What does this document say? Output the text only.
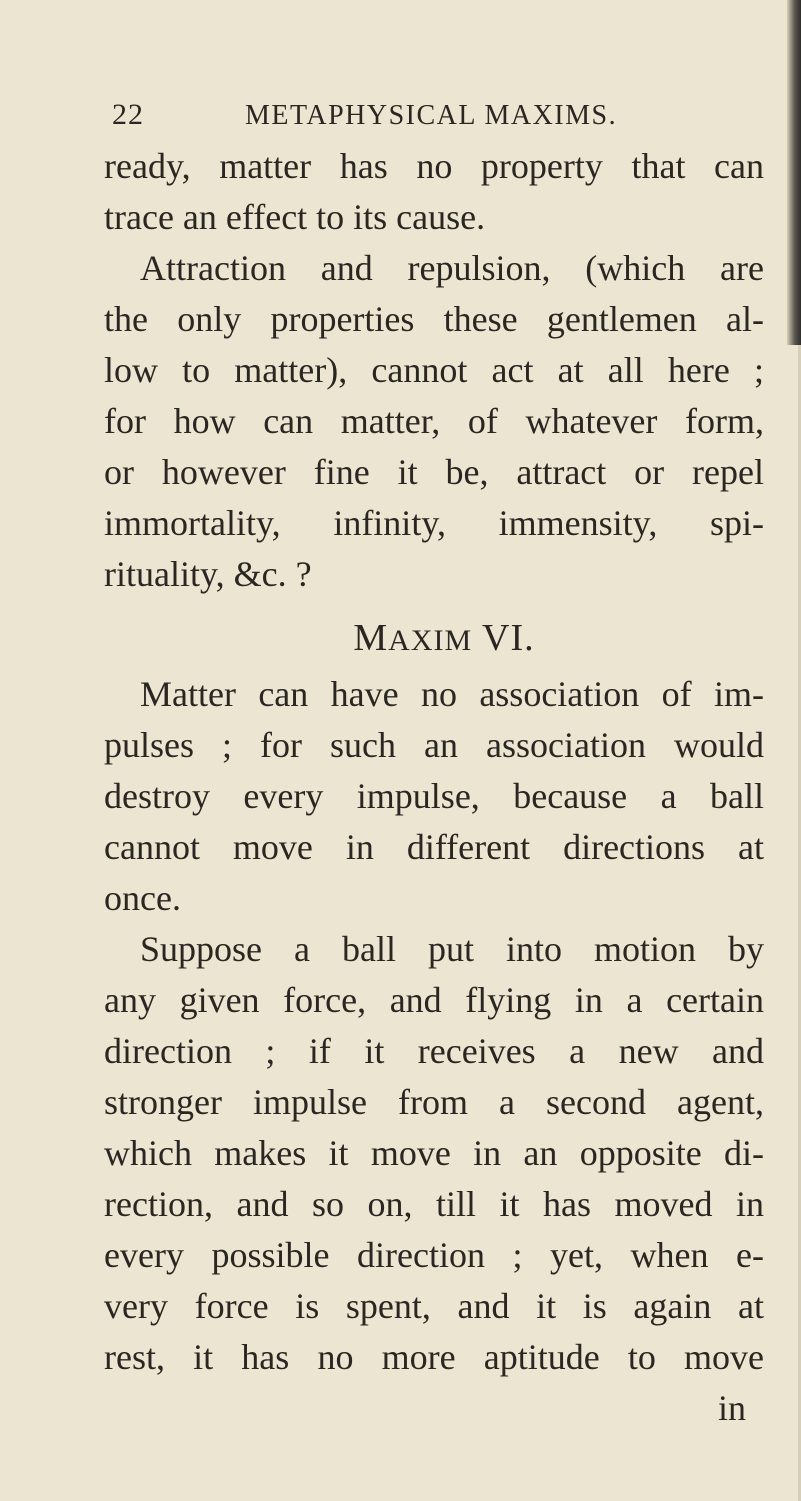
22	METAPHYSICAL MAXIMS.
ready, matter has no property that can
trace an effect to its cause.
Attraction and repulsion, (which are
the only properties these gentlemen al-
low to matter), cannot act at all here ;
for how can matter, of whatever form,
or however fine it be, attract or repel
immortality, infinity, immensity, spi-
rituality, &c. ?
MAXIM VI.
Matter can have no association of im-
pulses ; for such an association would
destroy every impulse, because a ball
cannot move in different directions at
once.
Suppose a ball put into motion by
any given force, and flying in a certain
direction ; if it receives a new and
stronger impulse from a second agent,
which makes it move in an opposite di-
rection, and so on, till it has moved in
every possible direction ; yet, when e-
very force is spent, and it is again at
rest, it has no more aptitude to move
in
